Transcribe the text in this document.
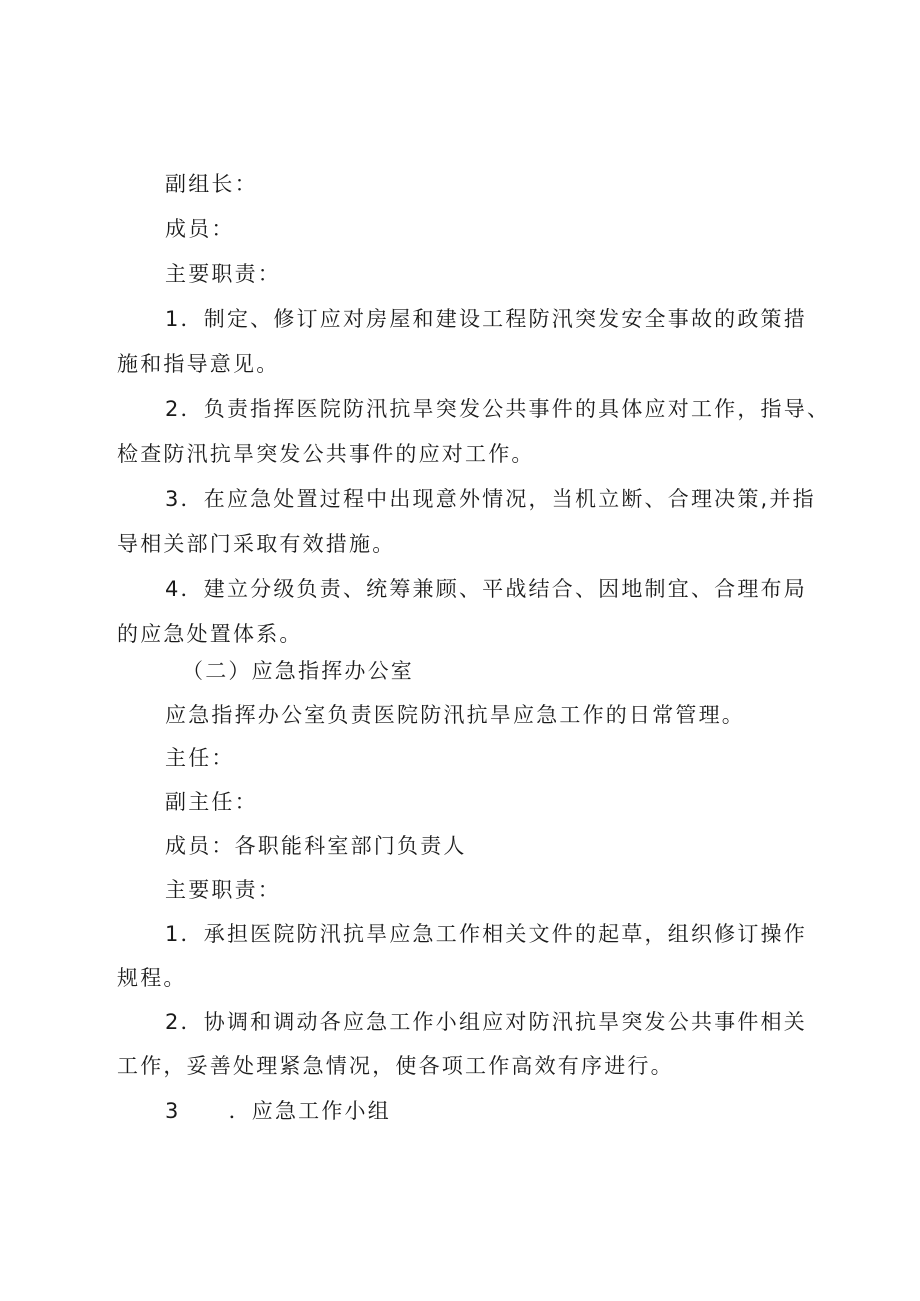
副组长：
成员：
主要职责：
1．制定、修订应对房屋和建设工程防汛突发安全事故的政策措
施和指导意见。
2．负责指挥医院防汛抗旱突发公共事件的具体应对工作，指导、
检查防汛抗旱突发公共事件的应对工作。
3．在应急处置过程中出现意外情况，当机立断、合理决策,并指
导相关部门采取有效措施。
4．建立分级负责、统筹兼顾、平战结合、因地制宜、合理布局
的应急处置体系。
（二）应急指挥办公室
应急指挥办公室负责医院防汛抗旱应急工作的日常管理。
主任：
副主任：
成员：各职能科室部门负责人
主要职责：
1．承担医院防汛抗旱应急工作相关文件的起草，组织修订操作
规程。
2．协调和调动各应急工作小组应对防汛抗旱突发公共事件相关
工作，妥善处理紧急情况，使各项工作高效有序进行。
3 ．应急工作小组
